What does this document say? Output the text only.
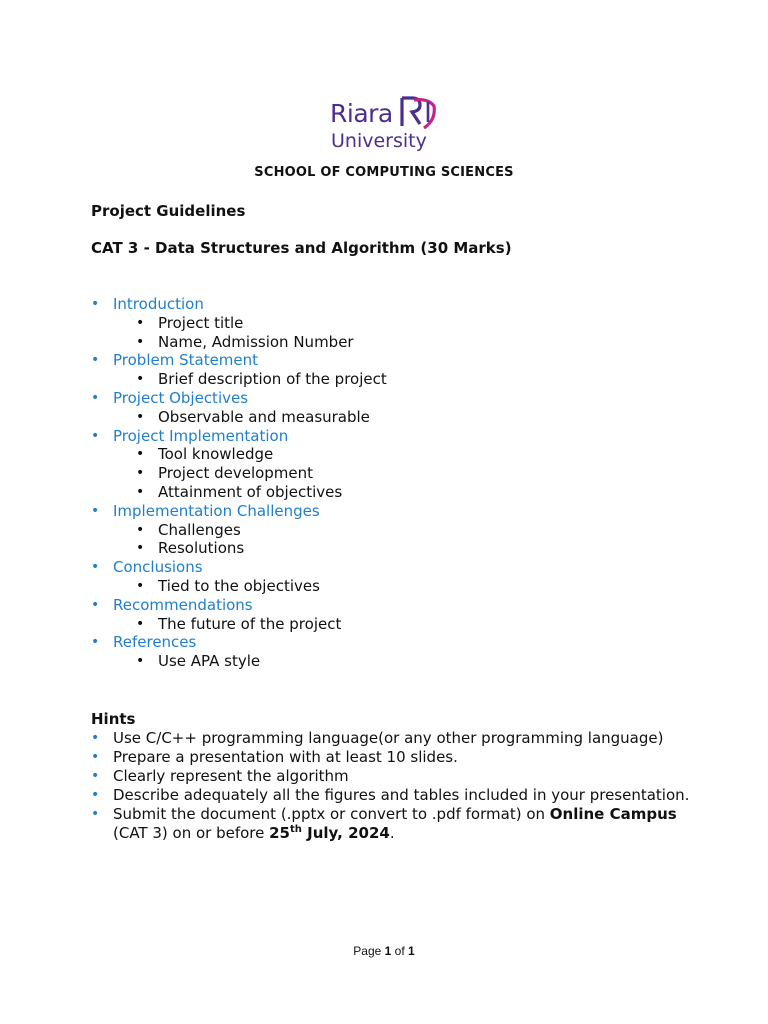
Riara
University
SCHOOL OF COMPUTING SCIENCES
Project Guidelines
CAT 3 - Data Structures and Algorithm (30 Marks)
• Introduction
• Project title
• Name, Admission Number
• Problem Statement
• Brief description of the project
• Project Objectives
• Observable and measurable
• Project Implementation
• Tool knowledge
• Project development
• Attainment of objectives
• Implementation Challenges
• Challenges
• Resolutions
• Conclusions
• Tied to the objectives
• Recommendations
• The future of the project
• References
• Use APA style
Hints
• Use C/C++ programming language(or any other programming language)
• Prepare a presentation with at least 10 slides.
• Clearly represent the algorithm
• Describe adequately all the figures and tables included in your presentation.
• Submit the document (.pptx or convert to .pdf format) on Online Campus (CAT 3) on or before 25th July, 2024.
Page 1 of 1
